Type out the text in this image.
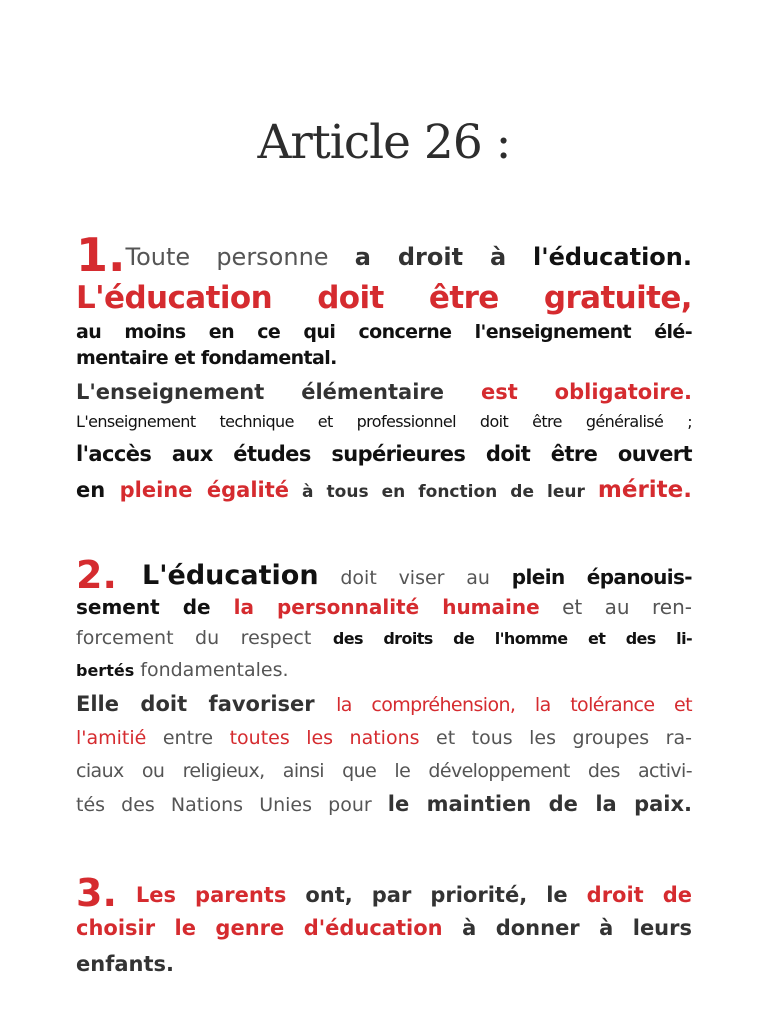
Article 26 :
1.Toute personne a droit à l'éducation.
L'éducation doit être gratuite,
au moins en ce qui concerne l'enseignement élé-
mentaire et fondamental.
L'enseignement élémentaire est obligatoire.
L'enseignement technique et professionnel doit être généralisé ;
l'accès aux études supérieures doit être ouvert
en pleine égalité à tous en fonction de leur mérite.
2. L'éducation doit viser au plein épanouis-
sement de la personnalité humaine et au ren-
forcement du respect des droits de l'homme et des li-
bertés fondamentales.
Elle doit favoriser la compréhension, la tolérance et
l'amitié entre toutes les nations et tous les groupes ra-
ciaux ou religieux, ainsi que le développement des activi-
tés des Nations Unies pour le maintien de la paix.
3. Les parents ont, par priorité, le droit de
choisir le genre d'éducation à donner à leurs
enfants.
